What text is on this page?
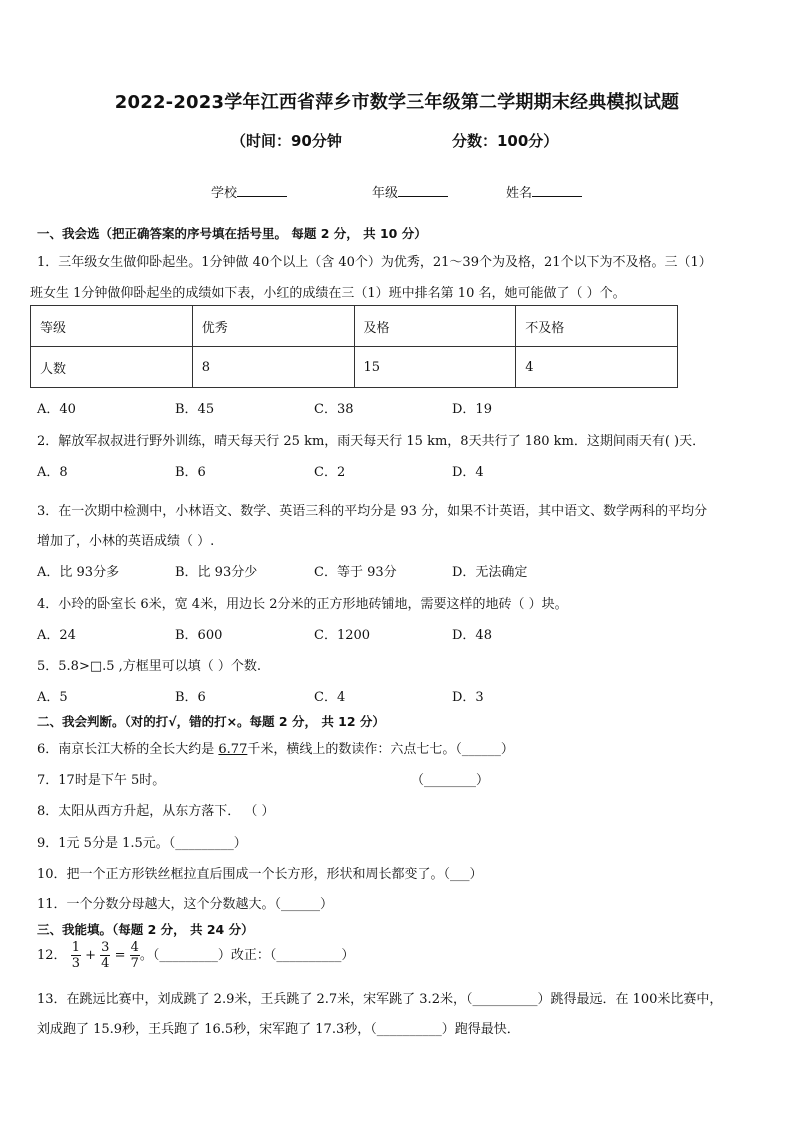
2022-2023学年江西省萍乡市数学三年级第二学期期末经典模拟试题
（时间：90分钟	分数：100分）
学校	年级	姓名
一、我会选（把正确答案的序号填在括号里。 每题 2 分， 共 10 分）
1．三年级女生做仰卧起坐。1分钟做 40个以上（含 40个）为优秀，21～39个为及格，21个以下为不及格。三（1）
班女生 1分钟做仰卧起坐的成绩如下表，小红的成绩在三（1）班中排名第 10 名，她可能做了（ ）个。
等级	优秀	及格	不及格
人数	8	15	4
A．40	B．45	C．38	D．19
2．解放军叔叔进行野外训练，晴天每天行 25 km，雨天每天行 15 km，8天共行了 180 km．这期间雨天有( )天．
A．8	B．6	C．2	D．4
3．在一次期中检测中，小林语文、数学、英语三科的平均分是 93 分，如果不计英语，其中语文、数学两科的平均分
增加了，小林的英语成绩（ ）.
A．比 93分多	B．比 93分少	C．等于 93分	D．无法确定
4．小玲的卧室长 6米，宽 4米，用边长 2分米的正方形地砖铺地，需要这样的地砖（ ）块。
A．24	B．600	C．1200	D．48
5．5.8>□.5 ,方框里可以填（ ）个数.
A．5	B．6	C．4	D．3
二、我会判断。（对的打√，错的打×。每题 2 分， 共 12 分）
6．南京长江大桥的全长大约是 6.77千米，横线上的数读作：六点七七。（______）
7．17时是下午 5时。	（________）
8．太阳从西方升起，从东方落下． （ ）
9．1元 5分是 1.5元。（_________）
10．把一个正方形铁丝框拉直后围成一个长方形，形状和周长都变了。（___）
11．一个分数分母越大，这个分数越大。（______）
三、我能填。（每题 2 分， 共 24 分）
12． $\frac{1}{3} + \frac{3}{4} = \frac{4}{7}$ 。（_________）改正：（__________）
13．在跳远比赛中，刘成跳了 2.9米，王兵跳了 2.7米，宋军跳了 3.2米，（__________）跳得最远．在 100米比赛中，
刘成跑了 15.9秒，王兵跑了 16.5秒，宋军跑了 17.3秒，（__________）跑得最快．
